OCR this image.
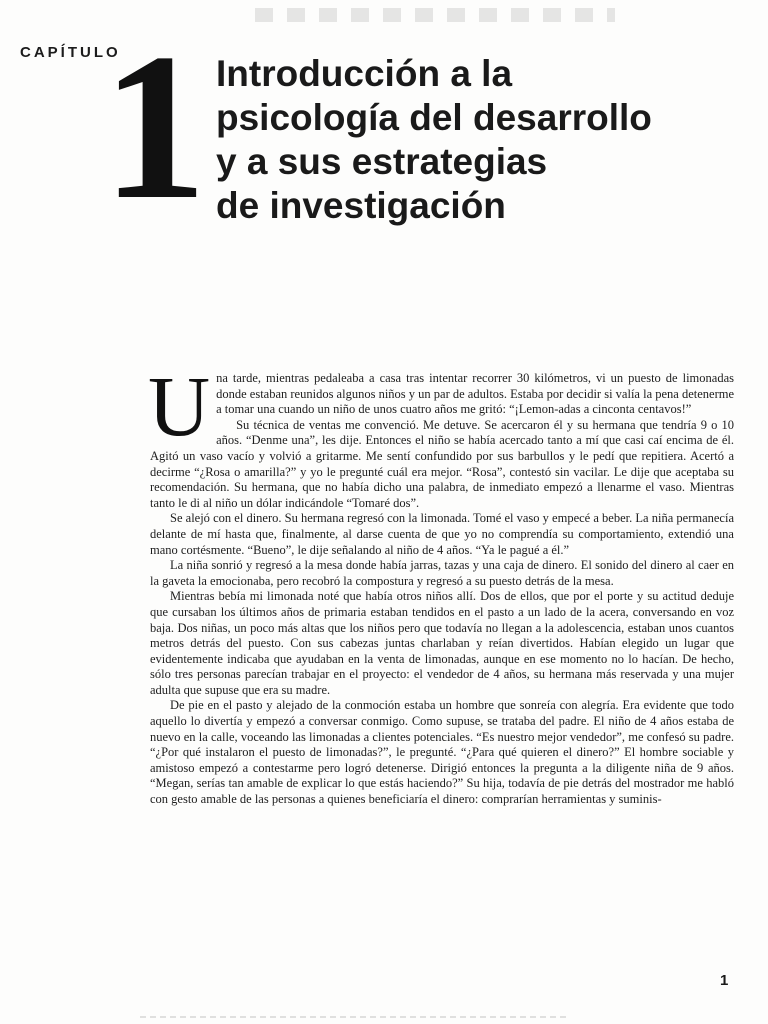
CAPÍTULO
1 Introducción a la
psicología del desarrollo
y a sus estrategias
de investigación

Una tarde, mientras pedaleaba a casa tras intentar recorrer 30 kilómetros, vi un puesto de limonadas donde estaban reunidos algunos niños y un par de adultos. Estaba por decidir si valía la pena detenerme a tomar una cuando un niño de unos cuatro años me gritó: “¡Lemon-adas a cinconta centavos!”

Su técnica de ventas me convenció. Me detuve. Se acercaron él y su hermana que tendría 9 o 10 años. “Denme una”, les dije. Entonces el niño se había acercado tanto a mí que casi caí encima de él. Agitó un vaso vacío y volvió a gritarme. Me sentí confundido por sus barbullos y le pedí que repitiera. Acertó a decirme “¿Rosa o amarilla?” y yo le pregunté cuál era mejor. “Rosa”, contestó sin vacilar. Le dije que aceptaba su recomendación. Su hermana, que no había dicho una palabra, de inmediato empezó a llenarme el vaso. Mientras tanto le di al niño un dólar indicándole “Tomaré dos”.

Se alejó con el dinero. Su hermana regresó con la limonada. Tomé el vaso y empecé a beber. La niña permanecía delante de mí hasta que, finalmente, al darse cuenta de que yo no comprendía su comportamiento, extendió una mano cortésmente. “Bueno”, le dije señalando al niño de 4 años. “Ya le pagué a él.”

La niña sonrió y regresó a la mesa donde había jarras, tazas y una caja de dinero. El sonido del dinero al caer en la gaveta la emocionaba, pero recobró la compostura y regresó a su puesto detrás de la mesa.

Mientras bebía mi limonada noté que había otros niños allí. Dos de ellos, que por el porte y su actitud deduje que cursaban los últimos años de primaria estaban tendidos en el pasto a un lado de la acera, conversando en voz baja. Dos niñas, un poco más altas que los niños pero que todavía no llegan a la adolescencia, estaban unos cuantos metros detrás del puesto. Con sus cabezas juntas charlaban y reían divertidos. Habían elegido un lugar que evidentemente indicaba que ayudaban en la venta de limonadas, aunque en ese momento no lo hacían. De hecho, sólo tres personas parecían trabajar en el proyecto: el vendedor de 4 años, su hermana más reservada y una mujer adulta que supuse que era su madre.

De pie en el pasto y alejado de la conmoción estaba un hombre que sonreía con alegría. Era evidente que todo aquello lo divertía y empezó a conversar conmigo. Como supuse, se trataba del padre. El niño de 4 años estaba de nuevo en la calle, voceando las limonadas a clientes potenciales. “Es nuestro mejor vendedor”, me confesó su padre. “¿Por qué instalaron el puesto de limonadas?”, le pregunté. “¿Para qué quieren el dinero?” El hombre sociable y amistoso empezó a contestarme pero logró detenerse. Dirigió entonces la pregunta a la diligente niña de 9 años. “Megan, serías tan amable de explicar lo que estás haciendo?” Su hija, todavía de pie detrás del mostrador me habló con gesto amable de las personas a quienes beneficiaría el dinero: comprarían herramientas y suminis-

1
